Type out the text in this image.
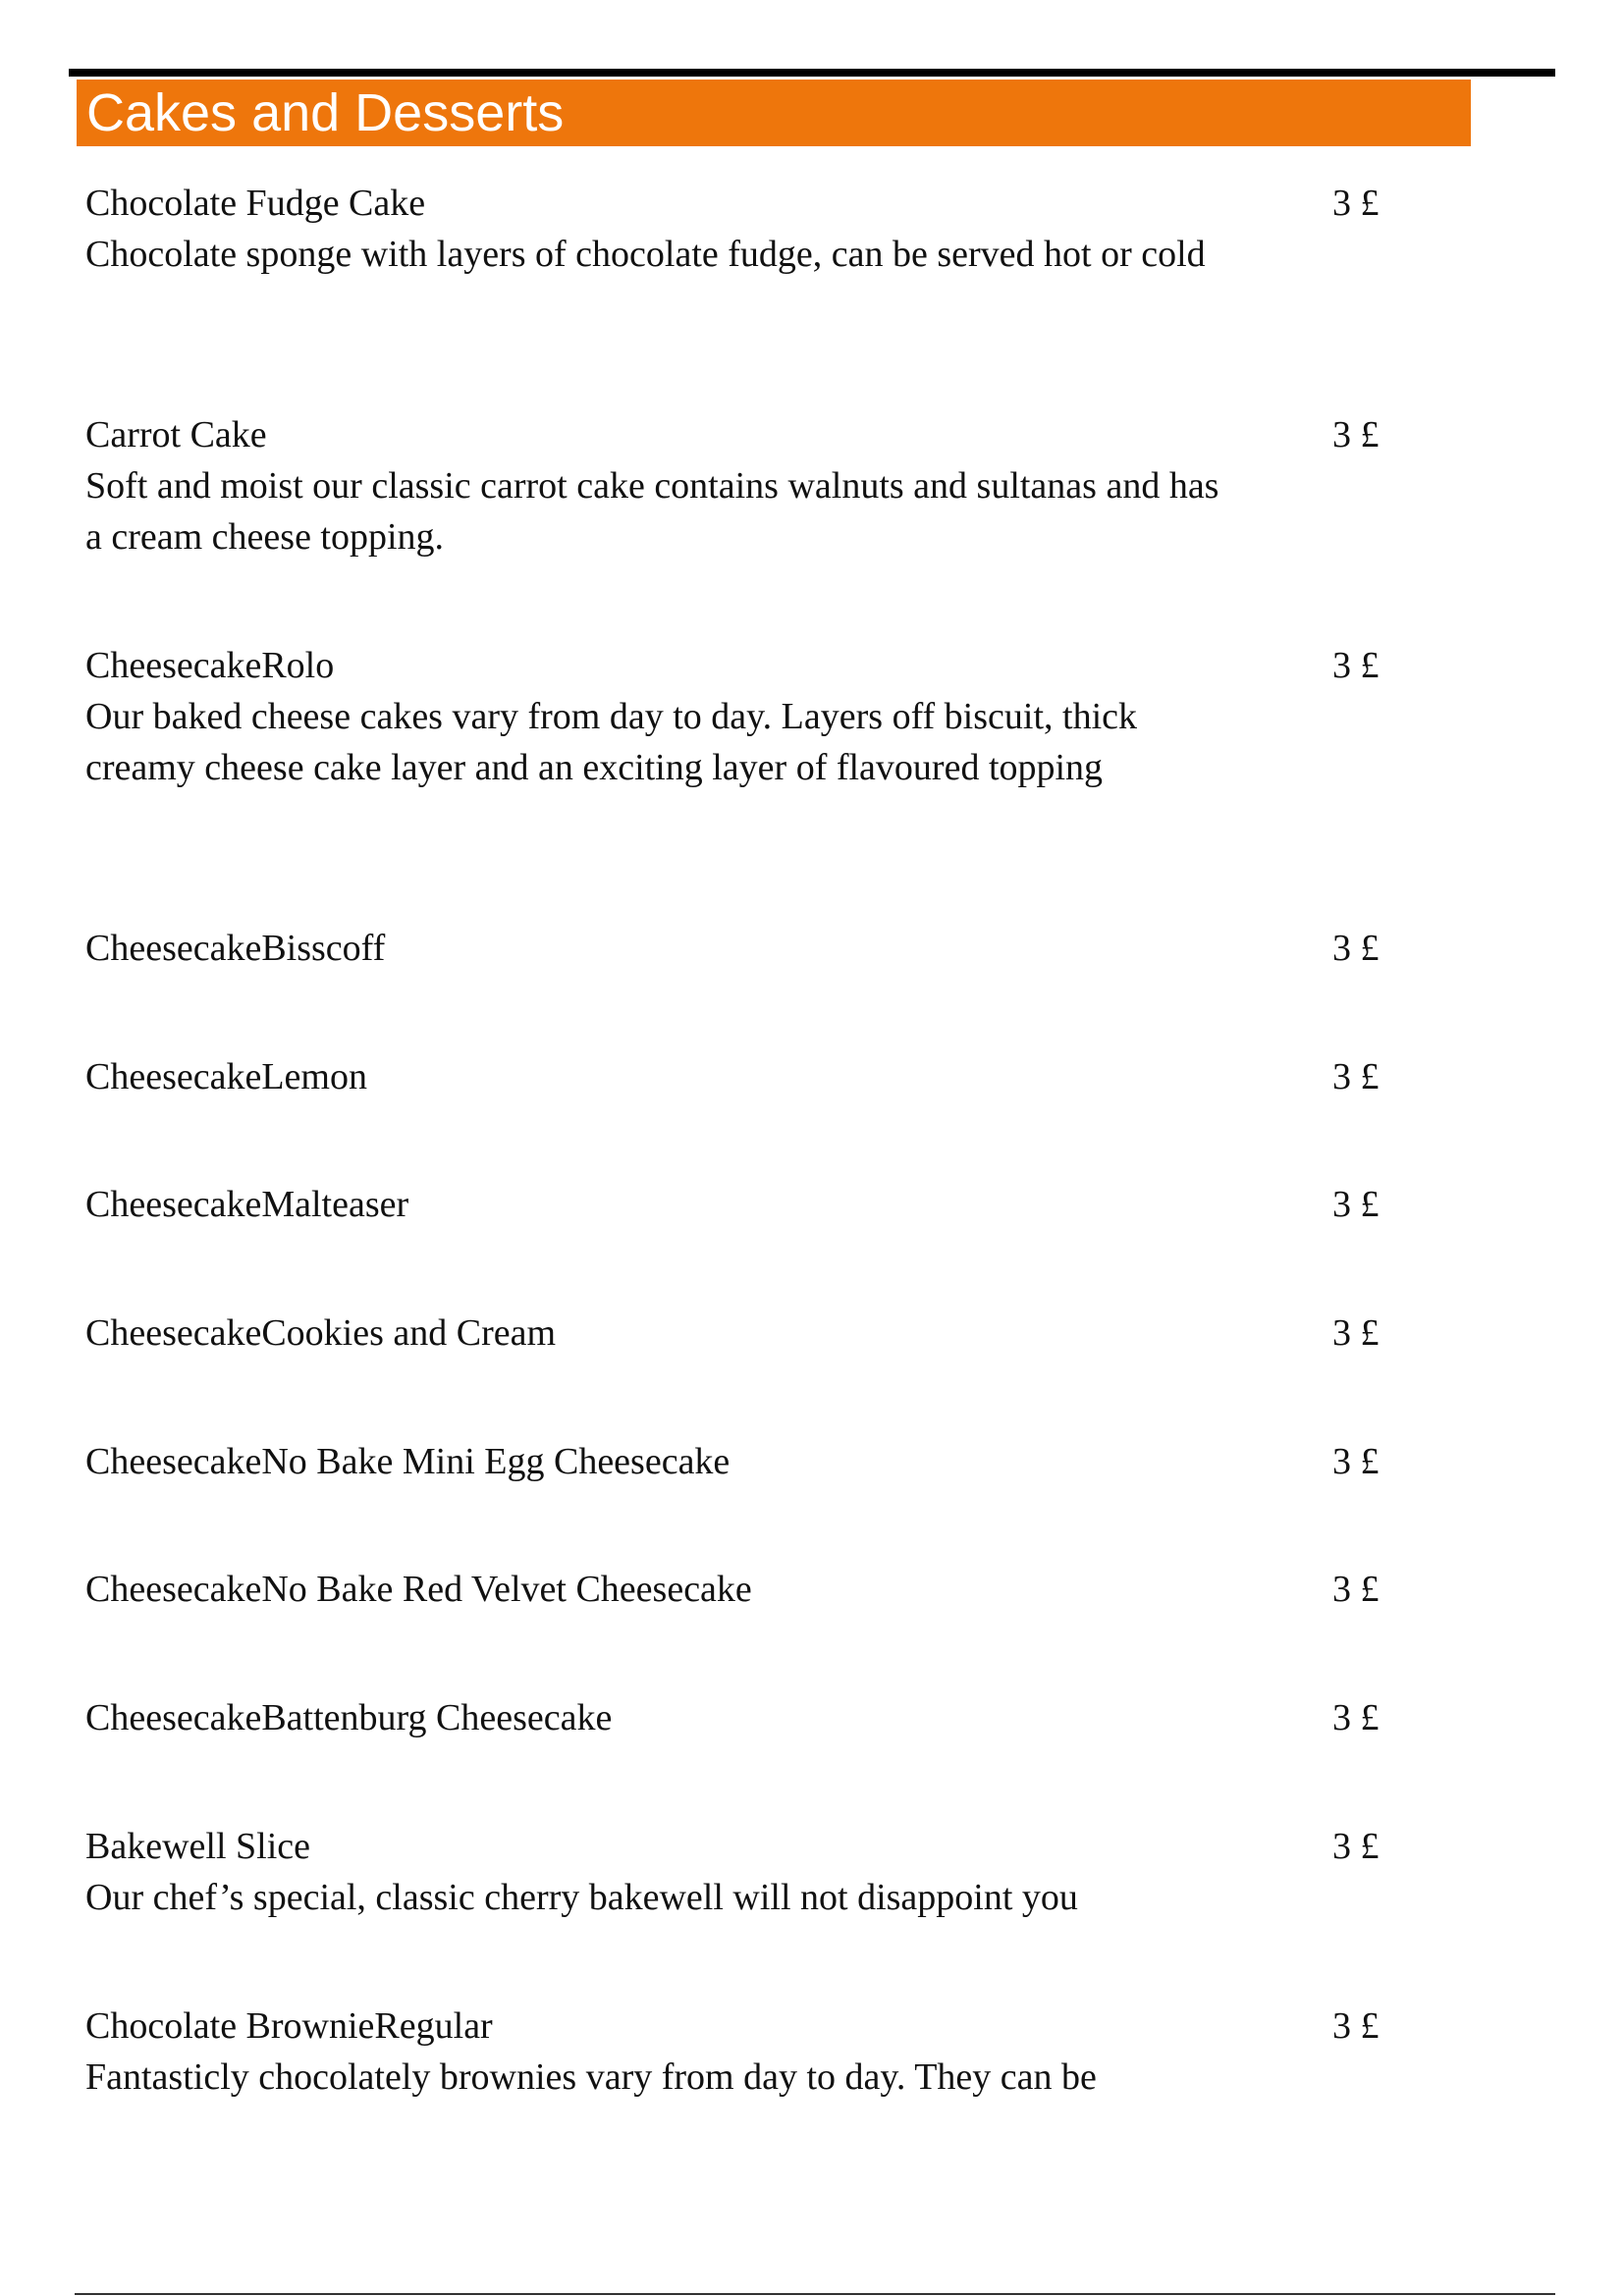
Cakes and Desserts
Chocolate Fudge Cake
Chocolate sponge with layers of chocolate fudge, can be served hot or cold
3 £
Carrot Cake
Soft and moist our classic carrot cake contains walnuts and sultanas and has a cream cheese topping.
3 £
CheesecakeRolo
Our baked cheese cakes vary from day to day. Layers off biscuit, thick creamy cheese cake layer and an exciting layer of flavoured topping
3 £
CheesecakeBisscoff	3 £
CheesecakeLemon	3 £
CheesecakeMalteaser	3 £
CheesecakeCookies and Cream	3 £
CheesecakeNo Bake Mini Egg Cheesecake	3 £
CheesecakeNo Bake Red Velvet Cheesecake	3 £
CheesecakeBattenburg Cheesecake	3 £
Bakewell Slice
Our chef’s special, classic cherry bakewell will not disappoint you
3 £
Chocolate BrownieRegular
Fantasticly chocolately brownies vary from day to day. They can be
3 £
